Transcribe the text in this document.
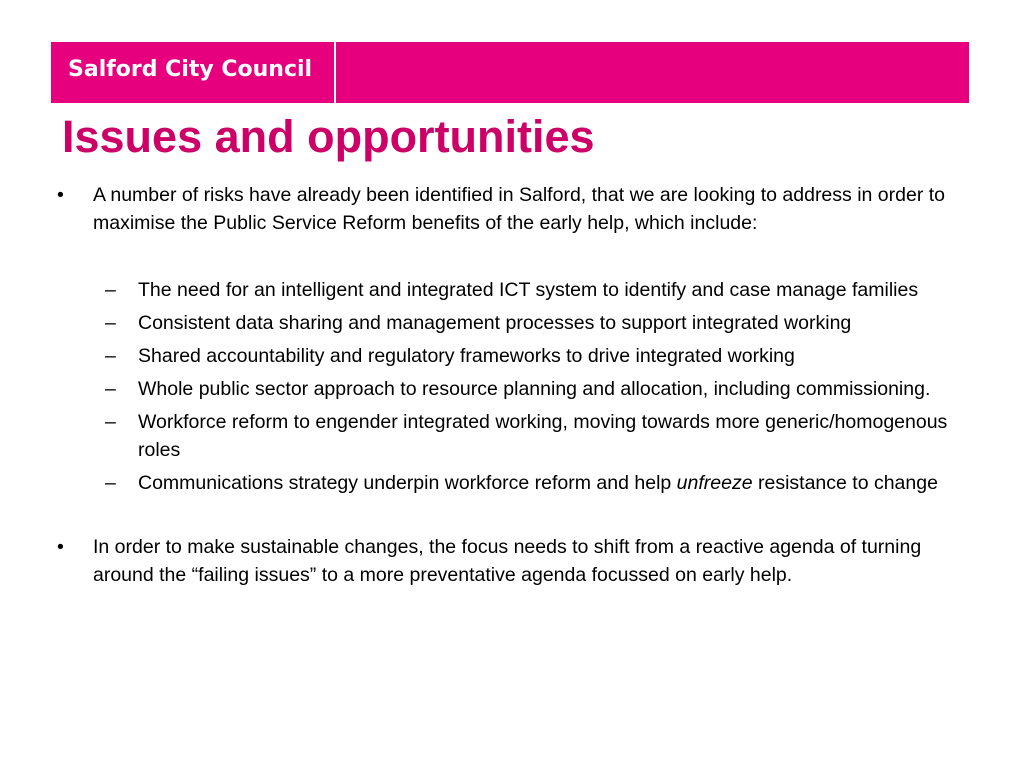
Salford City Council
Issues and opportunities
•	A number of risks have already been identified in Salford, that we are looking to address in order to maximise the Public Service Reform benefits of the early help, which include:
–	The need for an intelligent and integrated ICT system to identify and case manage families
–	Consistent data sharing and management processes to support integrated working
–	Shared accountability and regulatory frameworks to drive integrated working
–	Whole public sector approach to resource planning and allocation, including commissioning.
–	Workforce reform to engender integrated working, moving towards more generic/homogenous roles
–	Communications strategy underpin workforce reform and help unfreeze resistance to change
•	In order to make sustainable changes, the focus needs to shift from a reactive agenda of turning around the “failing issues” to a more preventative agenda focussed on early help.
